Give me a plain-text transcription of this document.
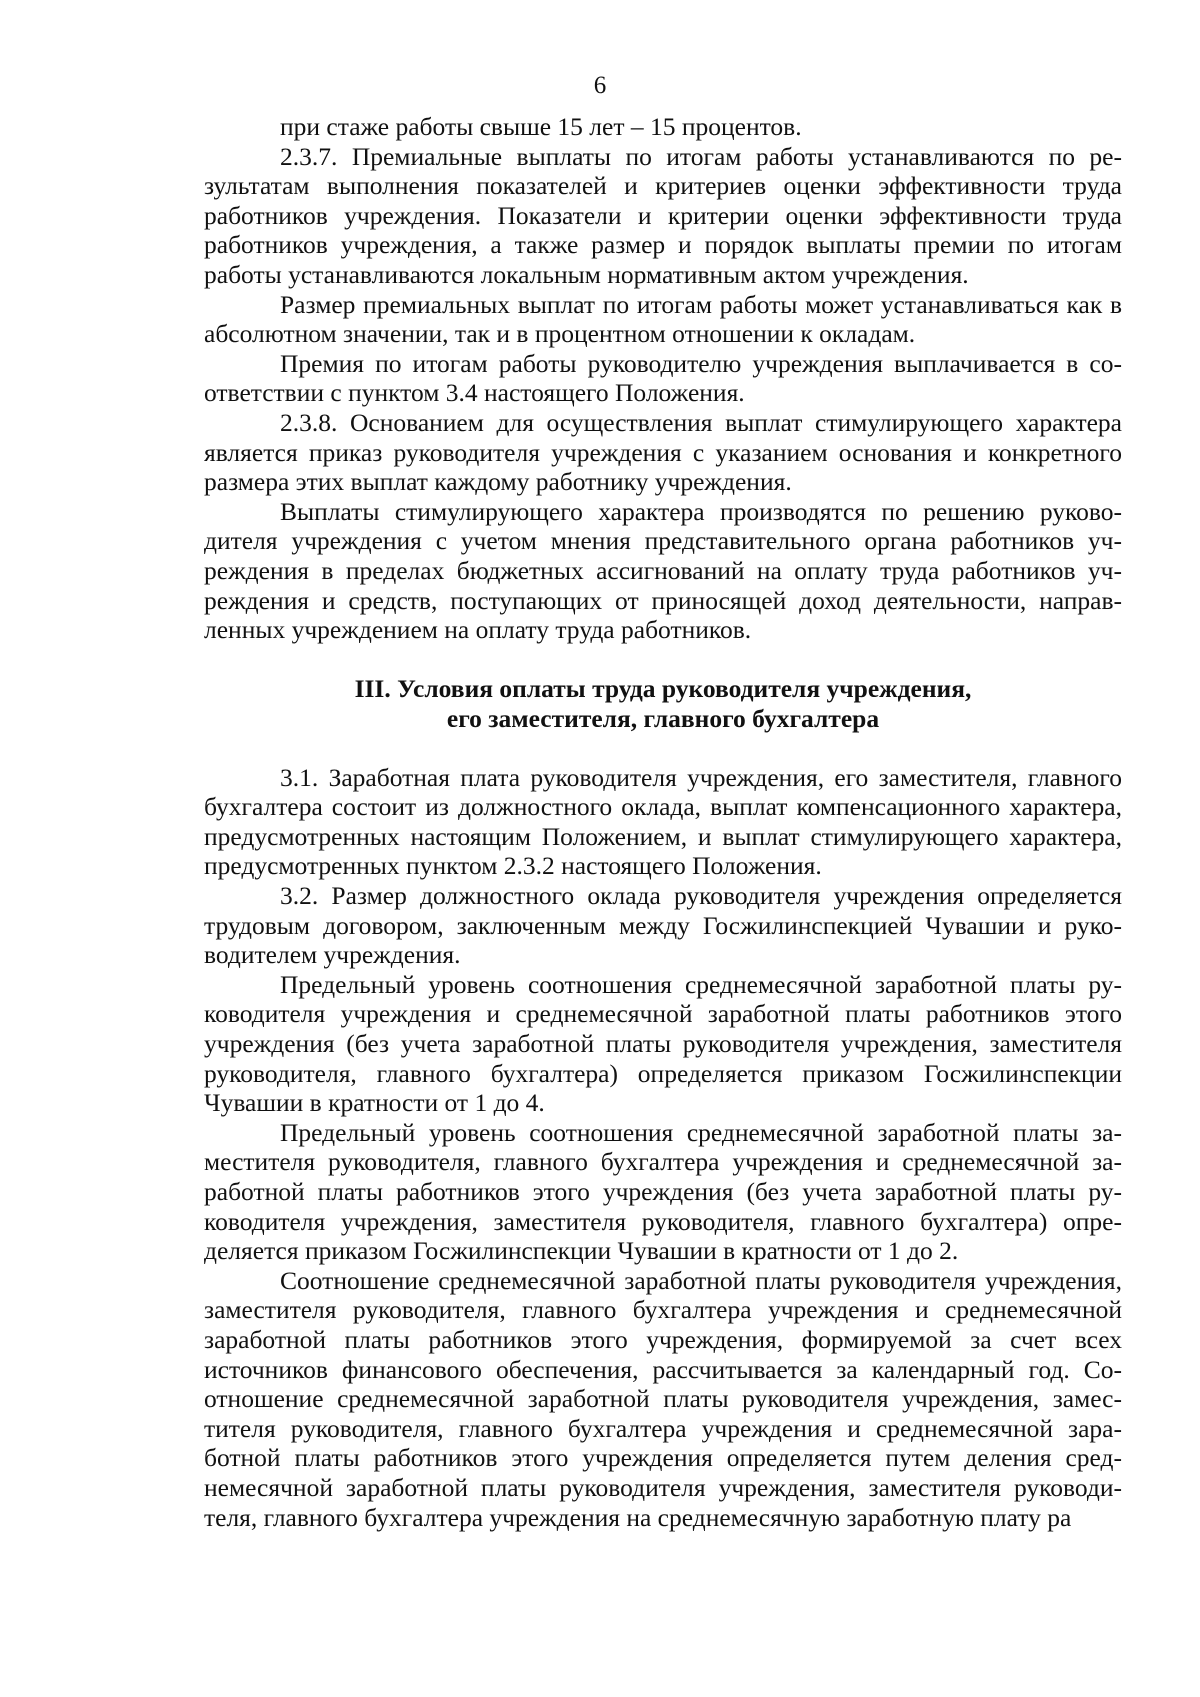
6

при стаже работы свыше 15 лет – 15 процентов.

2.3.7. Премиальные выплаты по итогам работы устанавливаются по результатам выполнения показателей и критериев оценки эффективности труда работников учреждения. Показатели и критерии оценки эффективности труда работников учреждения, а также размер и порядок выплаты премии по итогам работы устанавливаются локальным нормативным актом учреждения.

Размер премиальных выплат по итогам работы может устанавливаться как в абсолютном значении, так и в процентном отношении к окладам.

Премия по итогам работы руководителю учреждения выплачивается в соответствии с пунктом 3.4 настоящего Положения.

2.3.8. Основанием для осуществления выплат стимулирующего характера является приказ руководителя учреждения с указанием основания и конкретного размера этих выплат каждому работнику учреждения.

Выплаты стимулирующего характера производятся по решению руководителя учреждения с учетом мнения представительного органа работников учреждения в пределах бюджетных ассигнований на оплату труда работников учреждения и средств, поступающих от приносящей доход деятельности, направленных учреждением на оплату труда работников.

III. Условия оплаты труда руководителя учреждения,
его заместителя, главного бухгалтера

3.1. Заработная плата руководителя учреждения, его заместителя, главного бухгалтера состоит из должностного оклада, выплат компенсационного характера, предусмотренных настоящим Положением, и выплат стимулирующего характера, предусмотренных пунктом 2.3.2 настоящего Положения.

3.2. Размер должностного оклада руководителя учреждения определяется трудовым договором, заключенным между Госжилинспекцией Чувашии и руководителем учреждения.

Предельный уровень соотношения среднемесячной заработной платы руководителя учреждения и среднемесячной заработной платы работников этого учреждения (без учета заработной платы руководителя учреждения, заместителя руководителя, главного бухгалтера) определяется приказом Госжилинспекции Чувашии в кратности от 1 до 4.

Предельный уровень соотношения среднемесячной заработной платы заместителя руководителя, главного бухгалтера учреждения и среднемесячной заработной платы работников этого учреждения (без учета заработной платы руководителя учреждения, заместителя руководителя, главного бухгалтера) определяется приказом Госжилинспекции Чувашии в кратности от 1 до 2.

Соотношение среднемесячной заработной платы руководителя учреждения, заместителя руководителя, главного бухгалтера учреждения и среднемесячной заработной платы работников этого учреждения, формируемой за счет всех источников финансового обеспечения, рассчитывается за календарный год. Соотношение среднемесячной заработной платы руководителя учреждения, заместителя руководителя, главного бухгалтера учреждения и среднемесячной заработной платы работников этого учреждения определяется путем деления среднемесячной заработной платы руководителя учреждения, заместителя руководителя, главного бухгалтера учреждения на среднемесячную заработную плату ра
